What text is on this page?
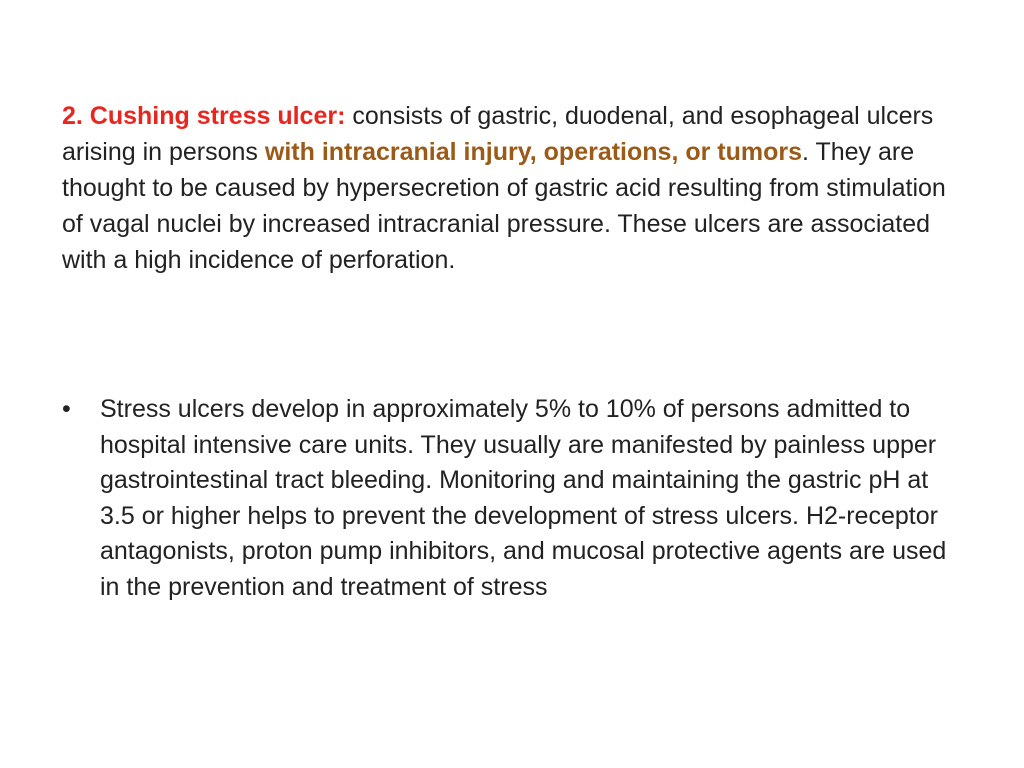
2. Cushing stress ulcer: consists of gastric, duodenal, and esophageal ulcers arising in persons with intracranial injury, operations, or tumors. They are thought to be caused by hypersecretion of gastric acid resulting from stimulation of vagal nuclei by increased intracranial pressure. These ulcers are associated with a high incidence of perforation.

•	Stress ulcers develop in approximately 5% to 10% of persons admitted to hospital intensive care units. They usually are manifested by painless upper gastrointestinal tract bleeding. Monitoring and maintaining the gastric pH at 3.5 or higher helps to prevent the development of stress ulcers. H2-receptor antagonists, proton pump inhibitors, and mucosal protective agents are used in the prevention and treatment of stress
